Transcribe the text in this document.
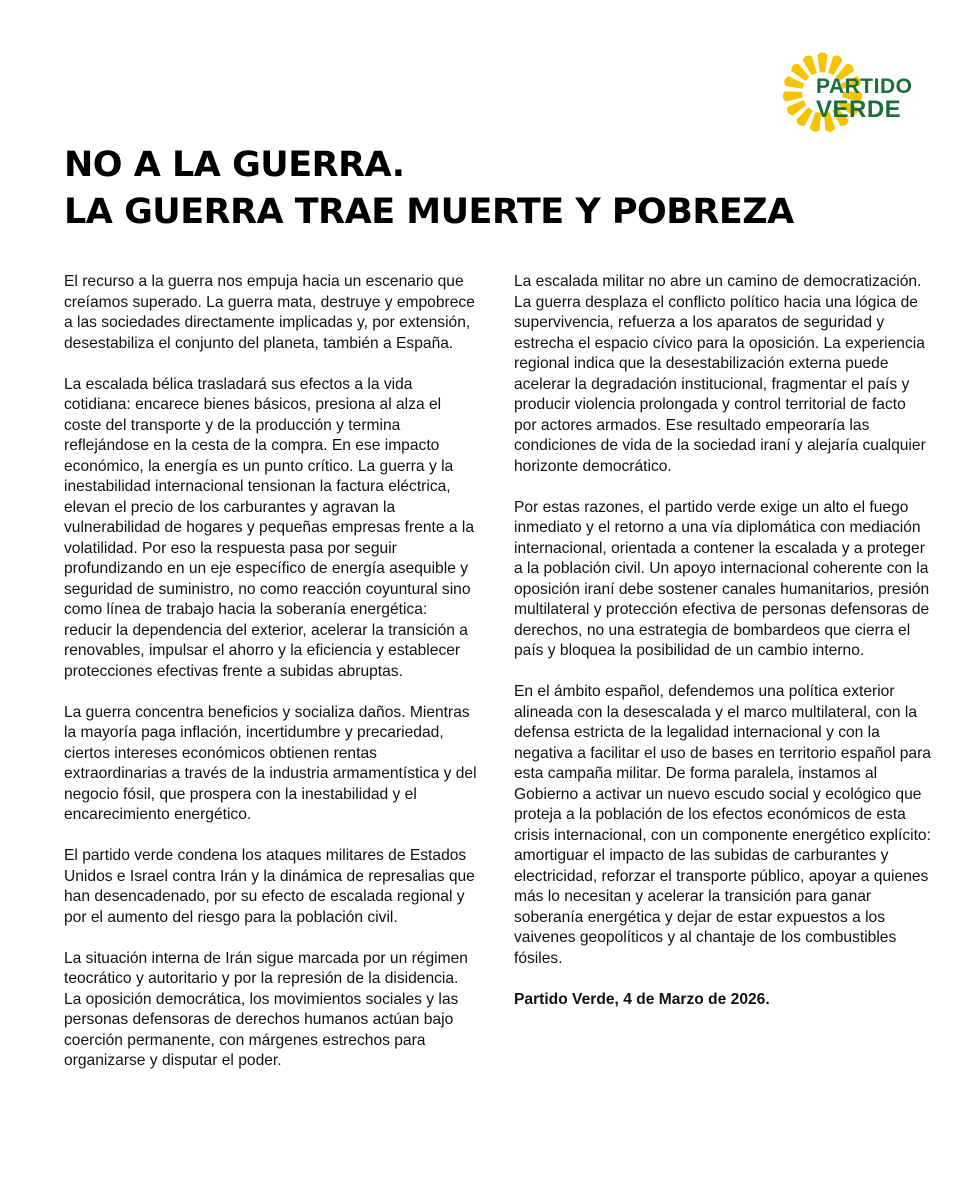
PARTIDO
VERDE
NO A LA GUERRA.
LA GUERRA TRAE MUERTE Y POBREZA

El recurso a la guerra nos empuja hacia un escenario que creíamos superado. La guerra mata, destruye y empobrece a las sociedades directamente implicadas y, por extensión, desestabiliza el conjunto del planeta, también a España.

La escalada bélica trasladará sus efectos a la vida cotidiana: encarece bienes básicos, presiona al alza el coste del transporte y de la producción y termina reflejándose en la cesta de la compra. En ese impacto económico, la energía es un punto crítico. La guerra y la inestabilidad internacional tensionan la factura eléctrica, elevan el precio de los carburantes y agravan la vulnerabilidad de hogares y pequeñas empresas frente a la volatilidad. Por eso la respuesta pasa por seguir profundizando en un eje específico de energía asequible y seguridad de suministro, no como reacción coyuntural sino como línea de trabajo hacia la soberanía energética: reducir la dependencia del exterior, acelerar la transición a renovables, impulsar el ahorro y la eficiencia y establecer protecciones efectivas frente a subidas abruptas.

La guerra concentra beneficios y socializa daños. Mientras la mayoría paga inflación, incertidumbre y precariedad, ciertos intereses económicos obtienen rentas extraordinarias a través de la industria armamentística y del negocio fósil, que prospera con la inestabilidad y el encarecimiento energético.

El partido verde condena los ataques militares de Estados Unidos e Israel contra Irán y la dinámica de represalias que han desencadenado, por su efecto de escalada regional y por el aumento del riesgo para la población civil.

La situación interna de Irán sigue marcada por un régimen teocrático y autoritario y por la represión de la disidencia. La oposición democrática, los movimientos sociales y las personas defensoras de derechos humanos actúan bajo coerción permanente, con márgenes estrechos para organizarse y disputar el poder.

La escalada militar no abre un camino de democratización. La guerra desplaza el conflicto político hacia una lógica de supervivencia, refuerza a los aparatos de seguridad y estrecha el espacio cívico para la oposición. La experiencia regional indica que la desestabilización externa puede acelerar la degradación institucional, fragmentar el país y producir violencia prolongada y control territorial de facto por actores armados. Ese resultado empeoraría las condiciones de vida de la sociedad iraní y alejaría cualquier horizonte democrático.

Por estas razones, el partido verde exige un alto el fuego inmediato y el retorno a una vía diplomática con mediación internacional, orientada a contener la escalada y a proteger a la población civil. Un apoyo internacional coherente con la oposición iraní debe sostener canales humanitarios, presión multilateral y protección efectiva de personas defensoras de derechos, no una estrategia de bombardeos que cierra el país y bloquea la posibilidad de un cambio interno.

En el ámbito español, defendemos una política exterior alineada con la desescalada y el marco multilateral, con la defensa estricta de la legalidad internacional y con la negativa a facilitar el uso de bases en territorio español para esta campaña militar. De forma paralela, instamos al Gobierno a activar un nuevo escudo social y ecológico que proteja a la población de los efectos económicos de esta crisis internacional, con un componente energético explícito: amortiguar el impacto de las subidas de carburantes y electricidad, reforzar el transporte público, apoyar a quienes más lo necesitan y acelerar la transición para ganar soberanía energética y dejar de estar expuestos a los vaivenes geopolíticos y al chantaje de los combustibles fósiles.

Partido Verde, 4 de Marzo de 2026.
